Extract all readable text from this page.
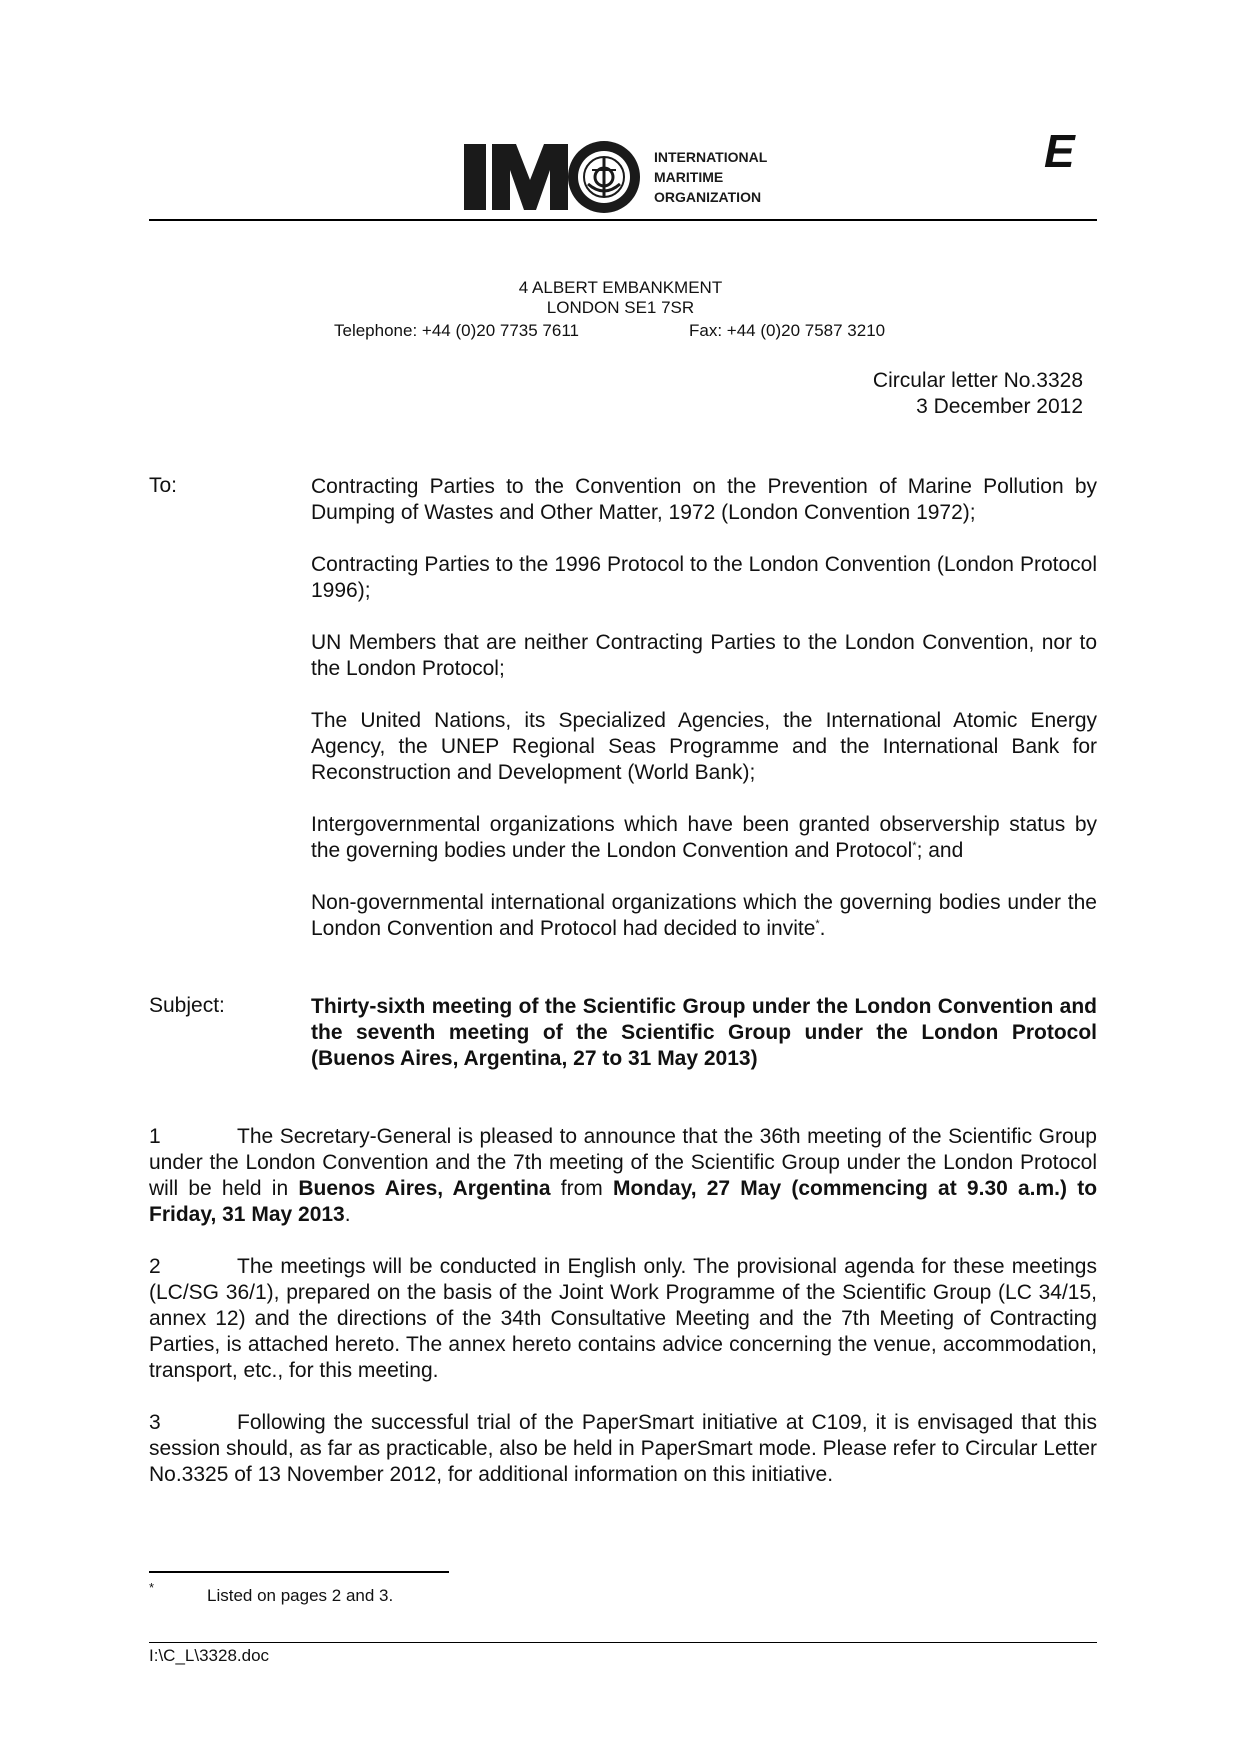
INTERNATIONAL
MARITIME
ORGANIZATION
E
4 ALBERT EMBANKMENT
LONDON SE1 7SR
Telephone: +44 (0)20 7735 7611	Fax: +44 (0)20 7587 3210
Circular letter No.3328
3 December 2012
To:	Contracting Parties to the Convention on the Prevention of Marine Pollution by Dumping of Wastes and Other Matter, 1972 (London Convention 1972);

Contracting Parties to the 1996 Protocol to the London Convention (London Protocol 1996);

UN Members that are neither Contracting Parties to the London Convention, nor to the London Protocol;

The United Nations, its Specialized Agencies, the International Atomic Energy Agency, the UNEP Regional Seas Programme and the International Bank for Reconstruction and Development (World Bank);

Intergovernmental organizations which have been granted observership status by the governing bodies under the London Convention and Protocol*; and

Non-governmental international organizations which the governing bodies under the London Convention and Protocol had decided to invite*.

Subject:	Thirty-sixth meeting of the Scientific Group under the London Convention and the seventh meeting of the Scientific Group under the London Protocol (Buenos Aires, Argentina, 27 to 31 May 2013)

1	The Secretary-General is pleased to announce that the 36th meeting of the Scientific Group under the London Convention and the 7th meeting of the Scientific Group under the London Protocol will be held in Buenos Aires, Argentina from Monday, 27 May (commencing at 9.30 a.m.) to Friday, 31 May 2013.

2	The meetings will be conducted in English only. The provisional agenda for these meetings (LC/SG 36/1), prepared on the basis of the Joint Work Programme of the Scientific Group (LC 34/15, annex 12) and the directions of the 34th Consultative Meeting and the 7th Meeting of Contracting Parties, is attached hereto. The annex hereto contains advice concerning the venue, accommodation, transport, etc., for this meeting.

3	Following the successful trial of the PaperSmart initiative at C109, it is envisaged that this session should, as far as practicable, also be held in PaperSmart mode. Please refer to Circular Letter No.3325 of 13 November 2012, for additional information on this initiative.

*	Listed on pages 2 and 3.
I:\C_L\3328.doc
